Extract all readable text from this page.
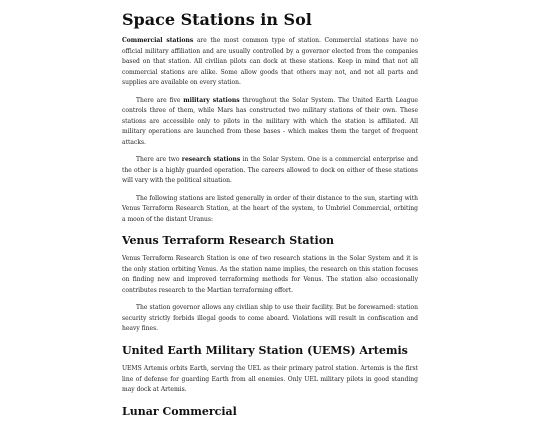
Space Stations in Sol

Commercial stations are the most common type of station. Commercial stations have no official military affiliation and are usually controlled by a governor elected from the companies based on that station. All civilian pilots can dock at these stations. Keep in mind that not all commercial stations are alike. Some allow goods that others may not, and not all parts and supplies are available on every station.

There are five military stations throughout the Solar System. The United Earth League controls three of them, while Mars has constructed two military stations of their own. These stations are accessible only to pilots in the military with which the station is affiliated. All military operations are launched from these bases - which makes them the target of frequent attacks.

There are two research stations in the Solar System. One is a commercial enterprise and the other is a highly guarded operation. The careers allowed to dock on either of these stations will vary with the political situation.

The following stations are listed generally in order of their distance to the sun, starting with Venus Terraform Research Station, at the heart of the system, to Umbriel Commercial, orbiting a moon of the distant Uranus:

Venus Terraform Research Station

Venus Terraform Research Station is one of two research stations in the Solar System and it is the only station orbiting Venus. As the station name implies, the research on this station focuses on finding new and improved terraforming methods for Venus. The station also occasionally contributes research to the Martian terraforming effort.

The station governor allows any civilian ship to use their facility. But be forewarned: station security strictly forbids illegal goods to come aboard. Violations will result in confiscation and heavy fines.

United Earth Military Station (UEMS) Artemis

UEMS Artemis orbits Earth, serving the UEL as their primary patrol station. Artemis is the first line of defense for guarding Earth from all enemies. Only UEL military pilots in good standing may dock at Artemis.

Lunar Commercial
